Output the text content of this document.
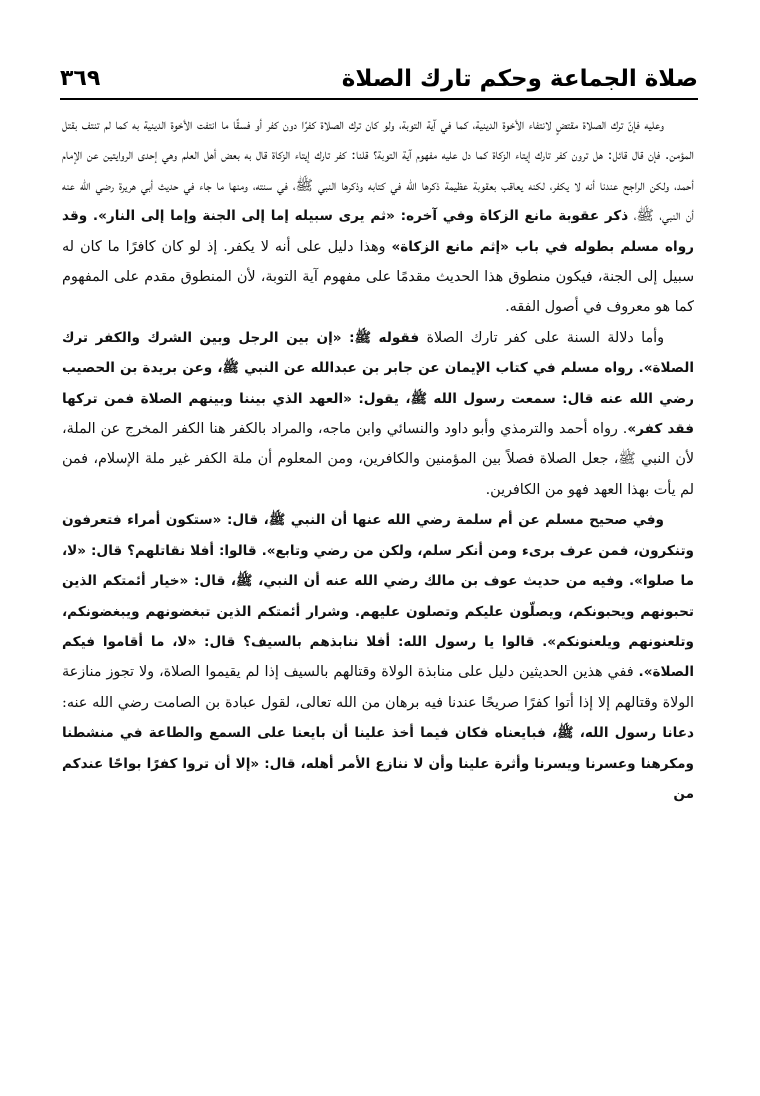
صلاة الجماعة وحكم تارك الصلاة
٣٦٩

وعليه فإنّ ترك الصلاة مقتضٍ لانتفاء الأخوة الدينية، كما في آية التوبة، ولو كان ترك الصلاة كفرًا دون كفر أو فسقًا ما انتفت الأخوة الدينية به كما لم تنتف بقتل المؤمن. فإن قال قائل: هل ترون كفر تارك إيتاء الزكاة كما دل عليه مفهوم آية التوبة؟ قلنا: كفر تارك إيتاء الزكاة قال به بعض أهل العلم وهي إحدى الروايتين عن الإمام أحمد، ولكن الراجح عندنا أنه لا يكفر، لكنه يعاقب بعقوبة عظيمة ذكرها الله في كتابه وذكرها النبي ﷺ، في سنته، ومنها ما جاء في حديث أبي هريرة رضي الله عنه أن النبي، ﷺ، ذكر عقوبة مانع الزكاة وفي آخره: «ثم يرى سبيله إما إلى الجنة وإما إلى النار». وقد رواه مسلم بطوله في باب «إثم مانع الزكاة» وهذا دليل على أنه لا يكفر. إذ لو كان كافرًا ما كان له سبيل إلى الجنة، فيكون منطوق هذا الحديث مقدمًا على مفهوم آية التوبة، لأن المنطوق مقدم على المفهوم كما هو معروف في أصول الفقه.

وأما دلالة السنة على كفر تارك الصلاة فقوله ﷺ: «إن بين الرجل وبين الشرك والكفر ترك الصلاة». رواه مسلم في كتاب الإيمان عن جابر بن عبدالله عن النبي ﷺ، وعن بريدة بن الحصيب رضي الله عنه قال: سمعت رسول الله ﷺ، يقول: «العهد الذي بيننا وبينهم الصلاة فمن تركها فقد كفر». رواه أحمد والترمذي وأبو داود والنسائي وابن ماجه، والمراد بالكفر هنا الكفر المخرج عن الملة، لأن النبي ﷺ، جعل الصلاة فصلاً بين المؤمنين والكافرين، ومن المعلوم أن ملة الكفر غير ملة الإسلام، فمن لم يأت بهذا العهد فهو من الكافرين.

وفي صحيح مسلم عن أم سلمة رضي الله عنها أن النبي ﷺ، قال: «ستكون أمراء فتعرفون وتنكرون، فمن عرف برىء ومن أنكر سلم، ولكن من رضي وتابع». قالوا: أفلا نقاتلهم؟ قال: «لا، ما صلوا». وفيه من حديث عوف بن مالك رضي الله عنه أن النبي، ﷺ، قال: «خيار أئمتكم الذين تحبونهم ويحبونكم، ويصلّون عليكم وتصلون عليهم. وشرار أئمتكم الذين تبغضونهم ويبغضونكم، وتلعنونهم ويلعنونكم». قالوا يا رسول الله: أفلا ننابذهم بالسيف؟ قال: «لا، ما أقاموا فيكم الصلاة». ففي هذين الحديثين دليل على منابذة الولاة وقتالهم بالسيف إذا لم يقيموا الصلاة، ولا تجوز منازعة الولاة وقتالهم إلا إذا أتوا كفرًا صريحًا عندنا فيه برهان من الله تعالى، لقول عبادة بن الصامت رضي الله عنه: دعانا رسول الله، ﷺ، فبايعناه فكان فيما أخذ علينا أن بايعنا على السمع والطاعة في منشطنا ومكرهنا وعسرنا ويسرنا وأثرة علينا وأن لا ننازع الأمر أهله، قال: «إلا أن تروا كفرًا بواحًا عندكم من
